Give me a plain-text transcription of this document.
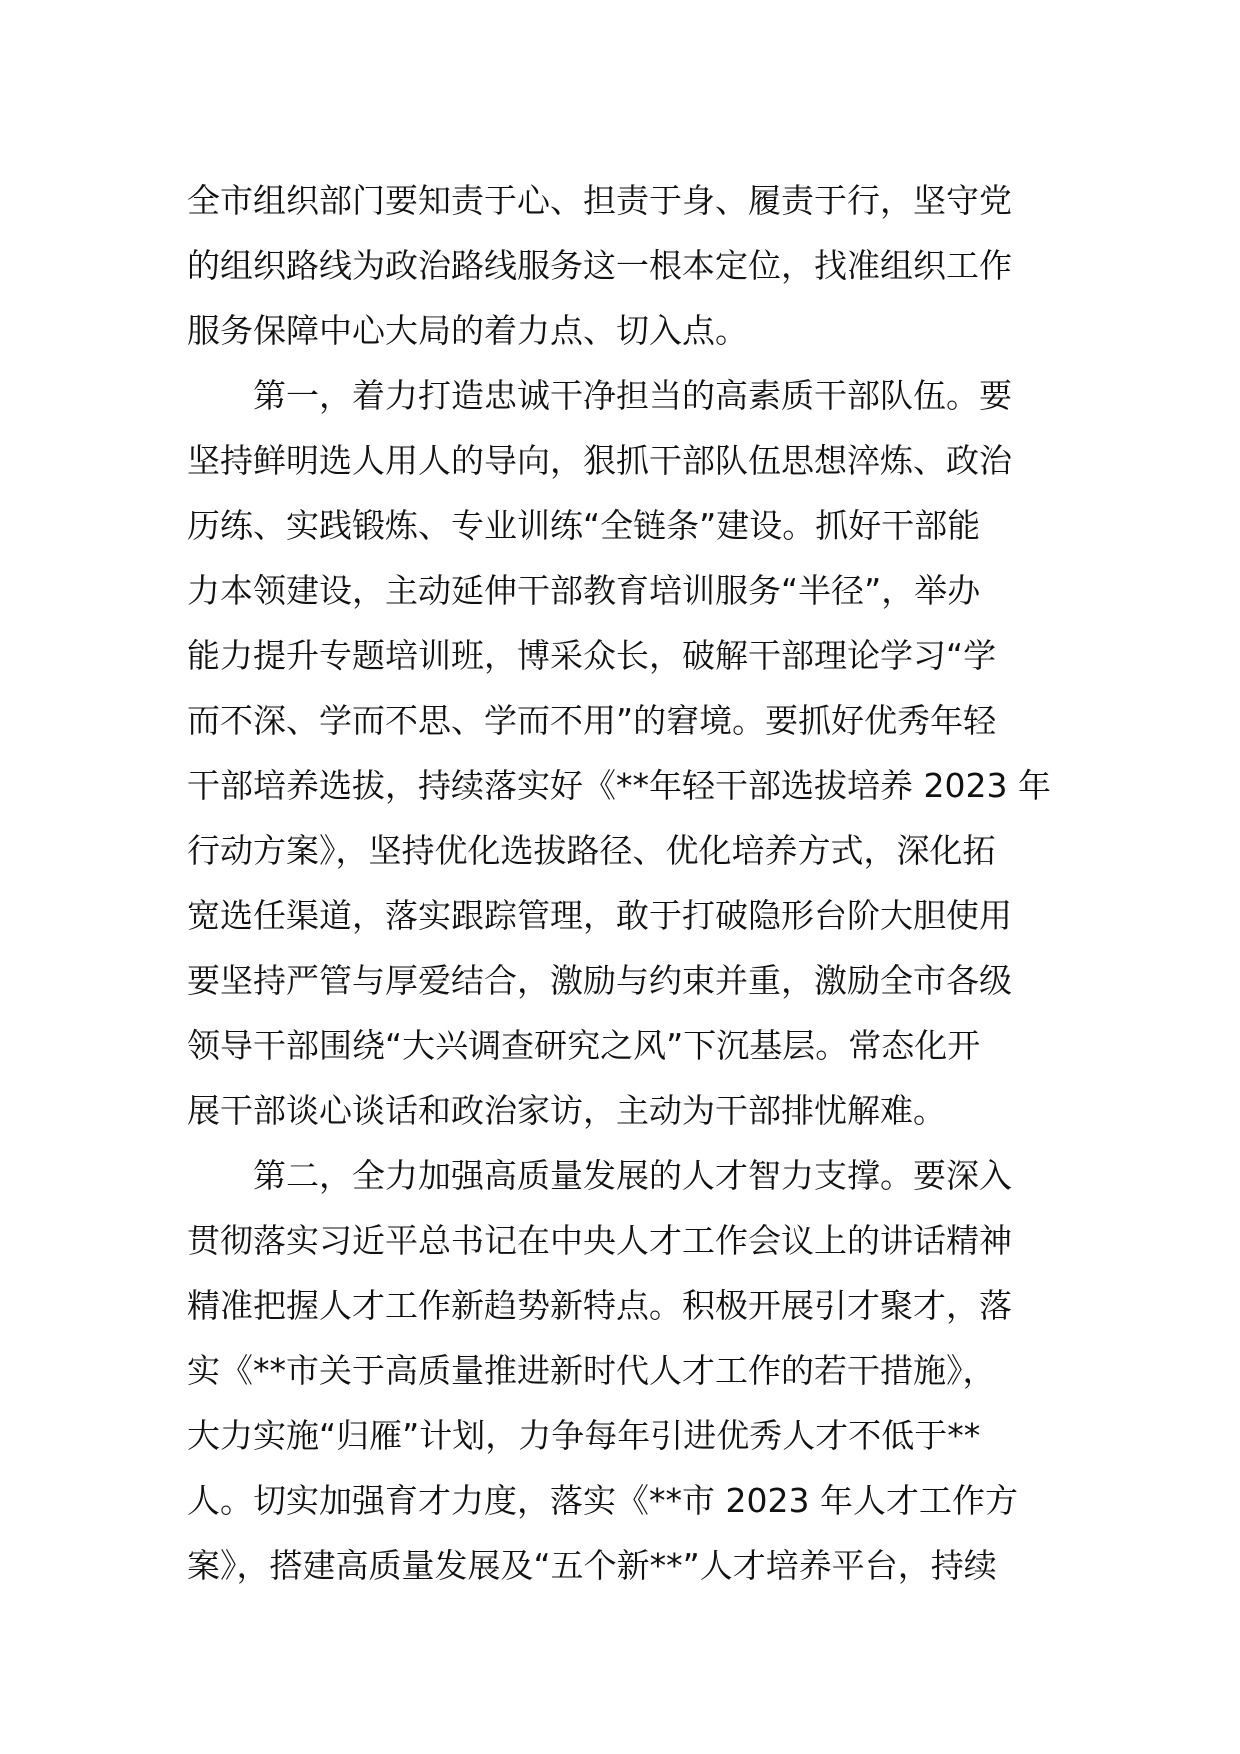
全市组织部门要知责于心、担责于身、履责于行，坚守党
的组织路线为政治路线服务这一根本定位，找准组织工作
服务保障中心大局的着力点、切入点。
第一，着力打造忠诚干净担当的高素质干部队伍。要
坚持鲜明选人用人的导向，狠抓干部队伍思想淬炼、政治
历练、实践锻炼、专业训练“全链条”建设。抓好干部能
力本领建设，主动延伸干部教育培训服务“半径”，举办
能力提升专题培训班，博采众长，破解干部理论学习“学
而不深、学而不思、学而不用”的窘境。要抓好优秀年轻
干部培养选拔，持续落实好《**年轻干部选拔培养 2023 年
行动方案》，坚持优化选拔路径、优化培养方式，深化拓
宽选任渠道，落实跟踪管理，敢于打破隐形台阶大胆使用
要坚持严管与厚爱结合，激励与约束并重，激励全市各级
领导干部围绕“大兴调查研究之风”下沉基层。常态化开
展干部谈心谈话和政治家访，主动为干部排忧解难。
第二，全力加强高质量发展的人才智力支撑。要深入
贯彻落实习近平总书记在中央人才工作会议上的讲话精神
精准把握人才工作新趋势新特点。积极开展引才聚才，落
实《**市关于高质量推进新时代人才工作的若干措施》，
大力实施“归雁”计划，力争每年引进优秀人才不低于**
人。切实加强育才力度，落实《**市 2023 年人才工作方
案》，搭建高质量发展及“五个新**”人才培养平台，持续
